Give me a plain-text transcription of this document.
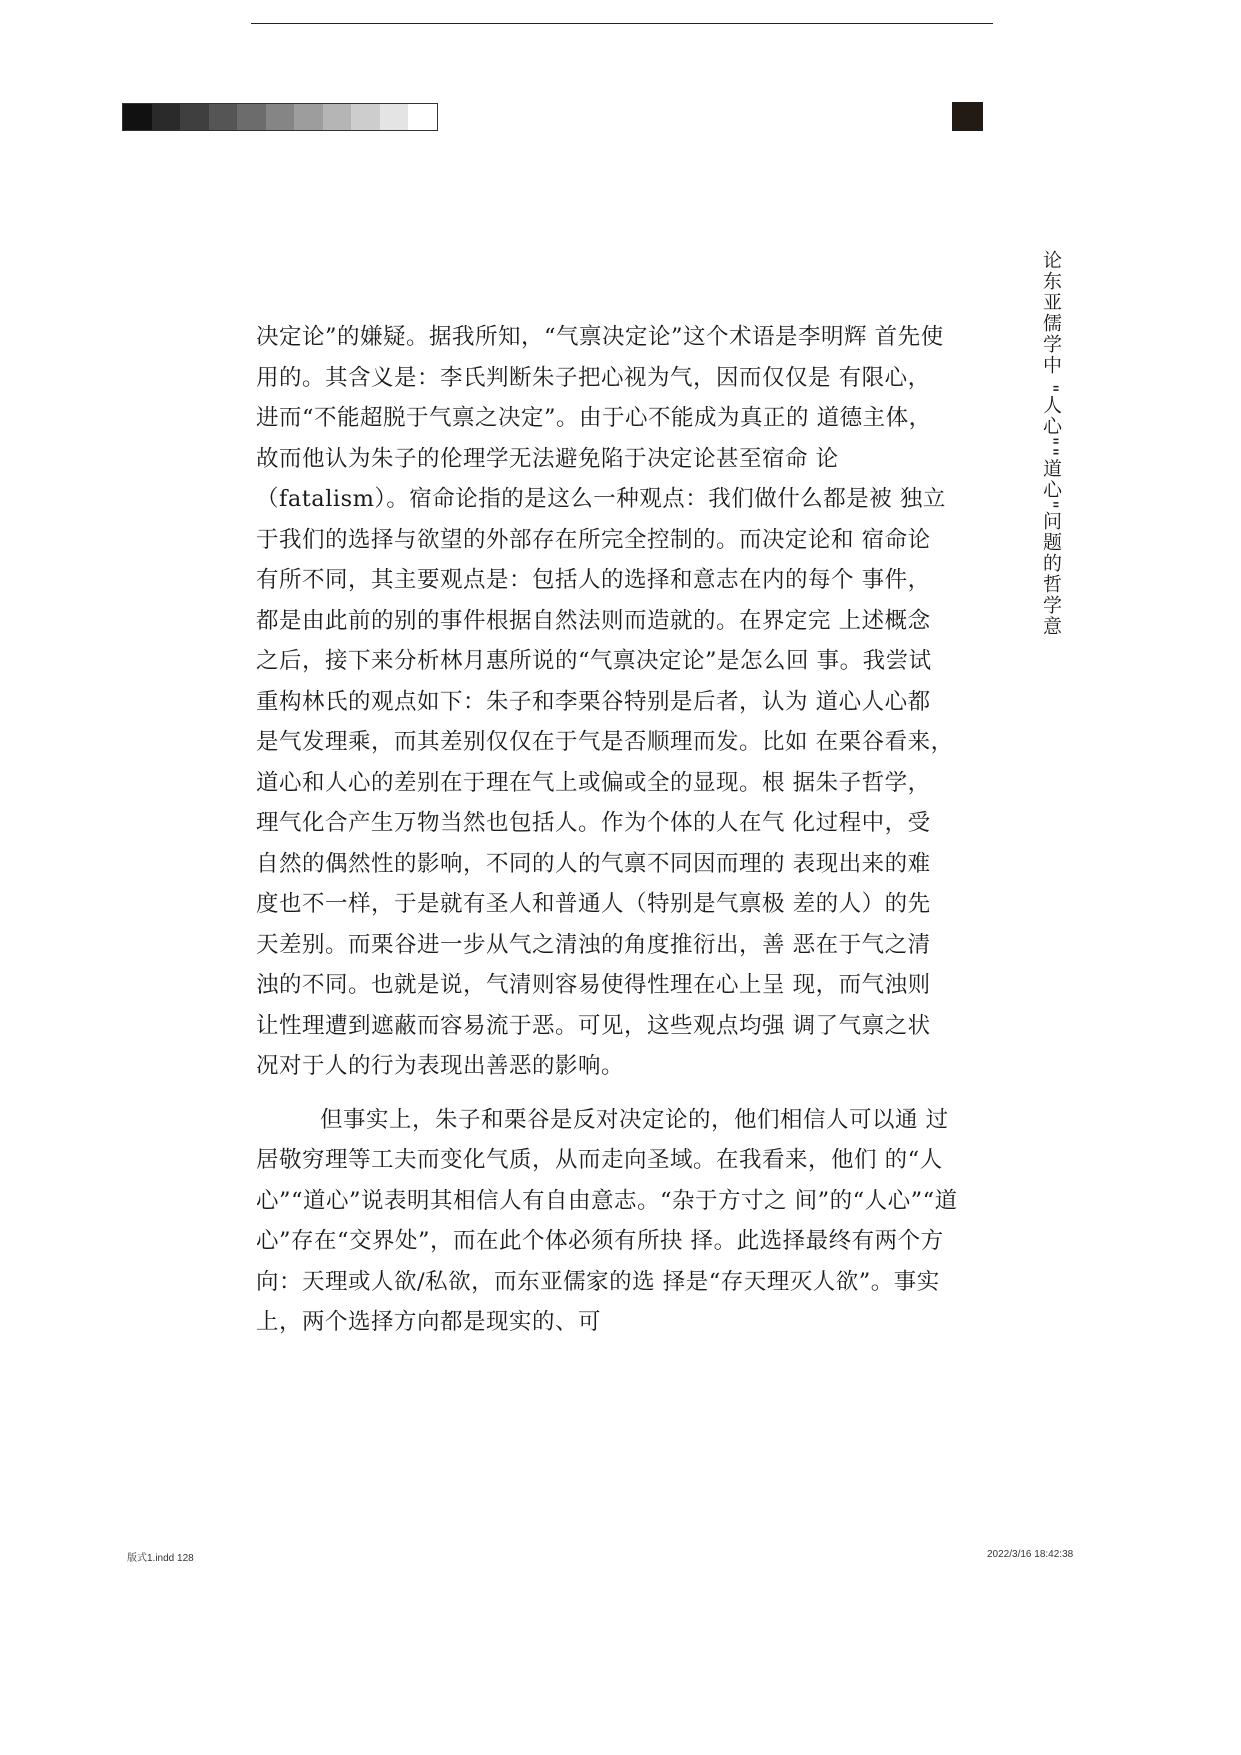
论东亚儒学中 "人心""道心"问题的哲学意
决定论”的嫌疑。据我所知，“气禀决定论”这个术语是李明辉 首先使
用的。其含义是：李氏判断朱子把心视为气，因而仅仅是 有限心，
进而“不能超脱于气禀之决定”。由于心不能成为真正的 道德主体，
故而他认为朱子的伦理学无法避免陷于决定论甚至宿命 论
（fatalism）。宿命论指的是这么一种观点：我们做什么都是被 独立
于我们的选择与欲望的外部存在所完全控制的。而决定论和 宿命论
有所不同，其主要观点是：包括人的选择和意志在内的每个 事件，
都是由此前的别的事件根据自然法则而造就的。在界定完 上述概念
之后，接下来分析林月惠所说的“气禀决定论”是怎么回 事。我尝试
重构林氏的观点如下：朱子和李栗谷特别是后者，认为 道心人心都
是气发理乘，而其差别仅仅在于气是否顺理而发。比如 在栗谷看来，
道心和人心的差别在于理在气上或偏或全的显现。根 据朱子哲学，
理气化合产生万物当然也包括人。作为个体的人在气 化过程中，受
自然的偶然性的影响，不同的人的气禀不同因而理的 表现出来的难
度也不一样，于是就有圣人和普通人（特别是气禀极 差的人）的先
天差别。而栗谷进一步从气之清浊的角度推衍出，善 恶在于气之清
浊的不同。也就是说，气清则容易使得性理在心上呈 现，而气浊则
让性理遭到遮蔽而容易流于恶。可见，这些观点均强 调了气禀之状
况对于人的行为表现出善恶的影响。
但事实上，朱子和栗谷是反对决定论的，他们相信人可以通 过
居敬穷理等工夫而变化气质，从而走向圣域。在我看来，他们 的“人
心”“道心”说表明其相信人有自由意志。“杂于方寸之 间”的“人心”“道
心”存在“交界处”，而在此个体必须有所抉 择。此选择最终有两个方
向：天理或人欲/私欲，而东亚儒家的选 择是“存天理灭人欲”。事实
上，两个选择方向都是现实的、可
版式1.indd 128	2022/3/16 18:42:38
